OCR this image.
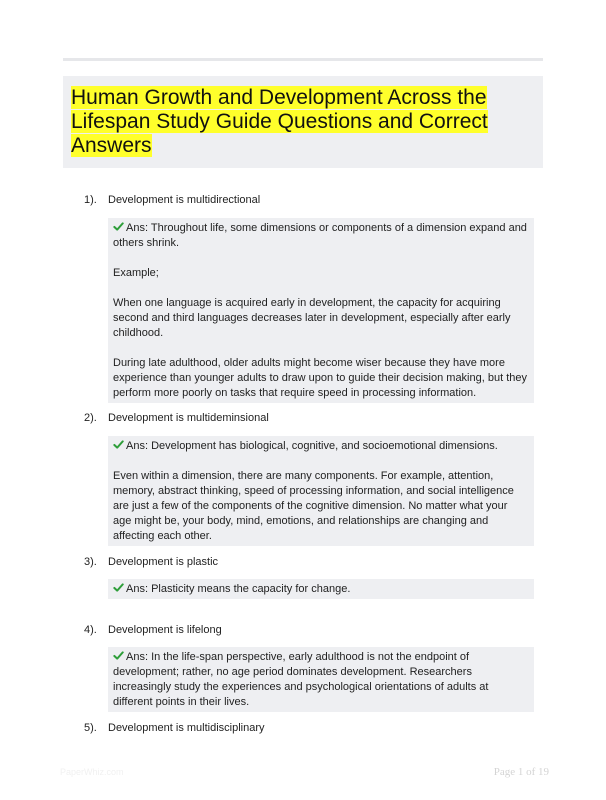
Human Growth and Development Across the Lifespan Study Guide Questions and Correct Answers
1). Development is multidirectional

Ans: Throughout life, some dimensions or components of a dimension expand and others shrink.

Example;

When one language is acquired early in development, the capacity for acquiring second and third languages decreases later in development, especially after early childhood.

During late adulthood, older adults might become wiser because they have more experience than younger adults to draw upon to guide their decision making, but they perform more poorly on tasks that require speed in processing information.

2). Development is multideminsional

Ans: Development has biological, cognitive, and socioemotional dimensions.

Even within a dimension, there are many components. For example, attention, memory, abstract thinking, speed of processing information, and social intelligence are just a few of the components of the cognitive dimension. No matter what your age might be, your body, mind, emotions, and relationships are changing and affecting each other.

3). Development is plastic

Ans: Plasticity means the capacity for change.

4). Development is lifelong

Ans: In the life-span perspective, early adulthood is not the endpoint of development; rather, no age period dominates development. Researchers increasingly study the experiences and psychological orientations of adults at different points in their lives.

5). Development is multidisciplinary
PaperWhiz.com	Page 1 of 19
